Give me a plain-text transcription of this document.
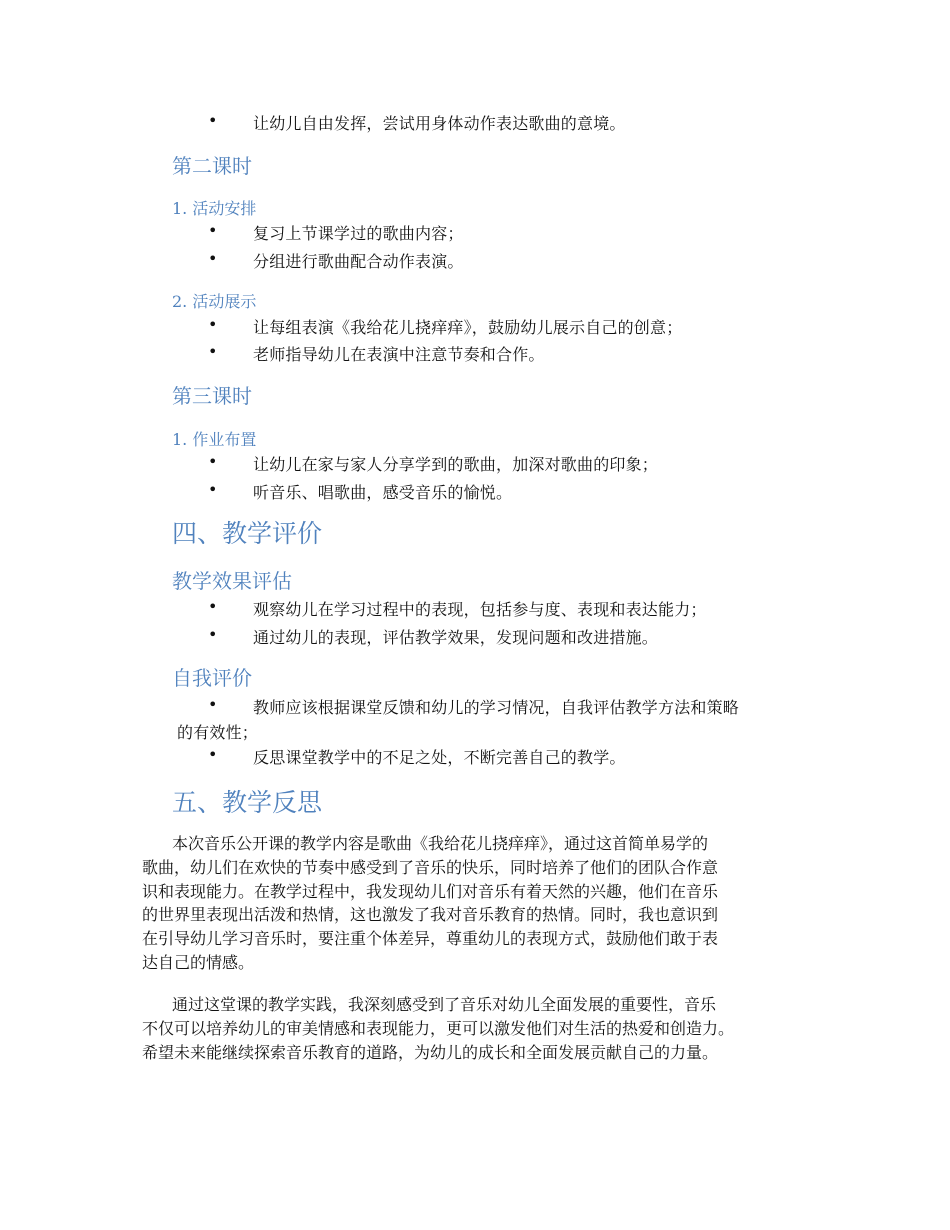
• 让幼儿自由发挥，尝试用身体动作表达歌曲的意境。
第二课时
1. 活动安排
• 复习上节课学过的歌曲内容；
• 分组进行歌曲配合动作表演。
2. 活动展示
• 让每组表演《我给花儿挠痒痒》，鼓励幼儿展示自己的创意；
• 老师指导幼儿在表演中注意节奏和合作。
第三课时
1. 作业布置
• 让幼儿在家与家人分享学到的歌曲，加深对歌曲的印象；
• 听音乐、唱歌曲，感受音乐的愉悦。
四、教学评价
教学效果评估
• 观察幼儿在学习过程中的表现，包括参与度、表现和表达能力；
• 通过幼儿的表现，评估教学效果，发现问题和改进措施。
自我评价
• 教师应该根据课堂反馈和幼儿的学习情况，自我评估教学方法和策略
的有效性；
• 反思课堂教学中的不足之处，不断完善自己的教学。
五、教学反思
本次音乐公开课的教学内容是歌曲《我给花儿挠痒痒》，通过这首简单易学的
歌曲，幼儿们在欢快的节奏中感受到了音乐的快乐，同时培养了他们的团队合作意
识和表现能力。在教学过程中，我发现幼儿们对音乐有着天然的兴趣，他们在音乐
的世界里表现出活泼和热情，这也激发了我对音乐教育的热情。同时，我也意识到
在引导幼儿学习音乐时，要注重个体差异，尊重幼儿的表现方式，鼓励他们敢于表
达自己的情感。
通过这堂课的教学实践，我深刻感受到了音乐对幼儿全面发展的重要性，音乐
不仅可以培养幼儿的审美情感和表现能力，更可以激发他们对生活的热爱和创造力。
希望未来能继续探索音乐教育的道路，为幼儿的成长和全面发展贡献自己的力量。
